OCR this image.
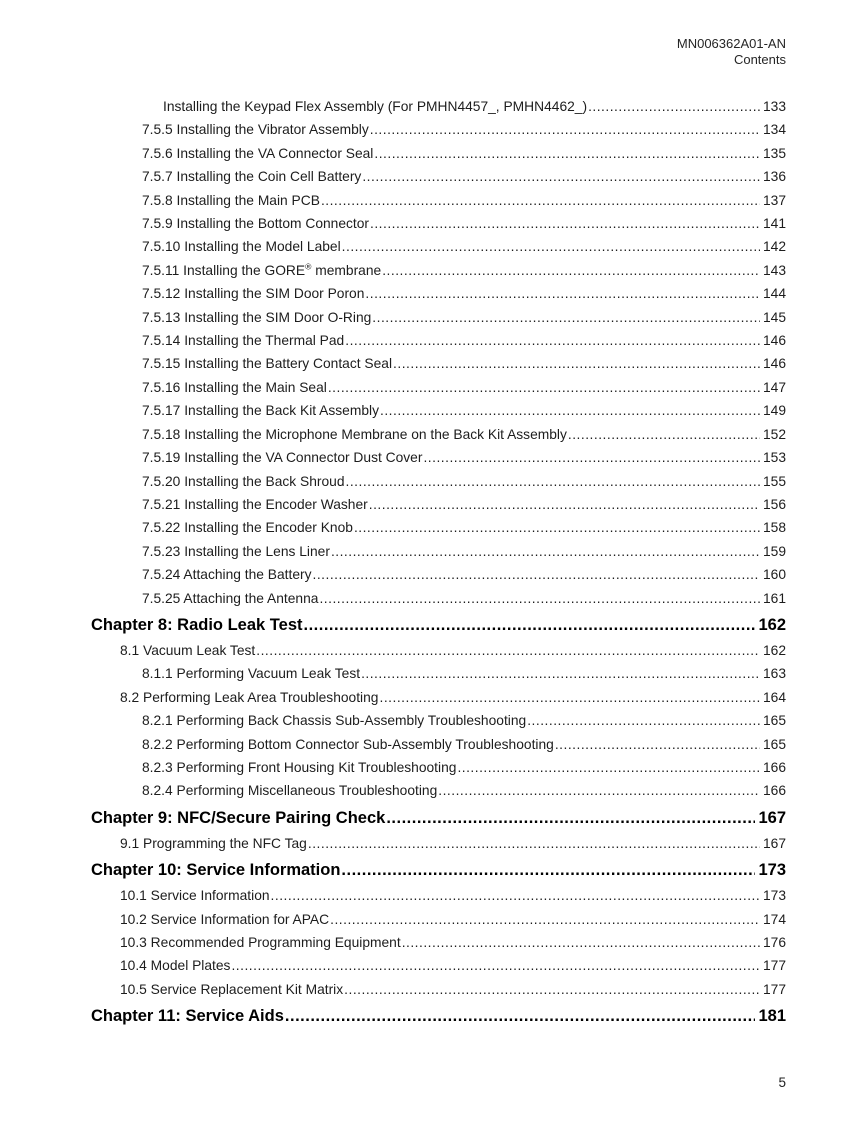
MN006362A01-AN
Contents
Installing the Keypad Flex Assembly (For PMHN4457_, PMHN4462_) .....	133
7.5.5 Installing the Vibrator Assembly .....	134
7.5.6 Installing the VA Connector Seal .....	135
7.5.7 Installing the Coin Cell Battery .....	136
7.5.8 Installing the Main PCB .....	137
7.5.9 Installing the Bottom Connector .....	141
7.5.10 Installing the Model Label .....	142
7.5.11 Installing the GORE® membrane .....	143
7.5.12 Installing the SIM Door Poron .....	144
7.5.13 Installing the SIM Door O-Ring .....	145
7.5.14 Installing the Thermal Pad .....	146
7.5.15 Installing the Battery Contact Seal .....	146
7.5.16 Installing the Main Seal .....	147
7.5.17 Installing the Back Kit Assembly .....	149
7.5.18 Installing the Microphone Membrane on the Back Kit Assembly .....	152
7.5.19 Installing the VA Connector Dust Cover .....	153
7.5.20 Installing the Back Shroud .....	155
7.5.21 Installing the Encoder Washer .....	156
7.5.22 Installing the Encoder Knob .....	158
7.5.23 Installing the Lens Liner .....	159
7.5.24 Attaching the Battery .....	160
7.5.25 Attaching the Antenna .....	161
Chapter 8: Radio Leak Test .....	162
8.1 Vacuum Leak Test .....	162
8.1.1 Performing Vacuum Leak Test .....	163
8.2 Performing Leak Area Troubleshooting .....	164
8.2.1 Performing Back Chassis Sub-Assembly Troubleshooting .....	165
8.2.2 Performing Bottom Connector Sub-Assembly Troubleshooting .....	165
8.2.3 Performing Front Housing Kit Troubleshooting .....	166
8.2.4 Performing Miscellaneous Troubleshooting .....	166
Chapter 9: NFC/Secure Pairing Check .....	167
9.1 Programming the NFC Tag .....	167
Chapter 10: Service Information .....	173
10.1 Service Information .....	173
10.2 Service Information for APAC .....	174
10.3 Recommended Programming Equipment .....	176
10.4 Model Plates .....	177
10.5 Service Replacement Kit Matrix .....	177
Chapter 11: Service Aids .....	181
5
